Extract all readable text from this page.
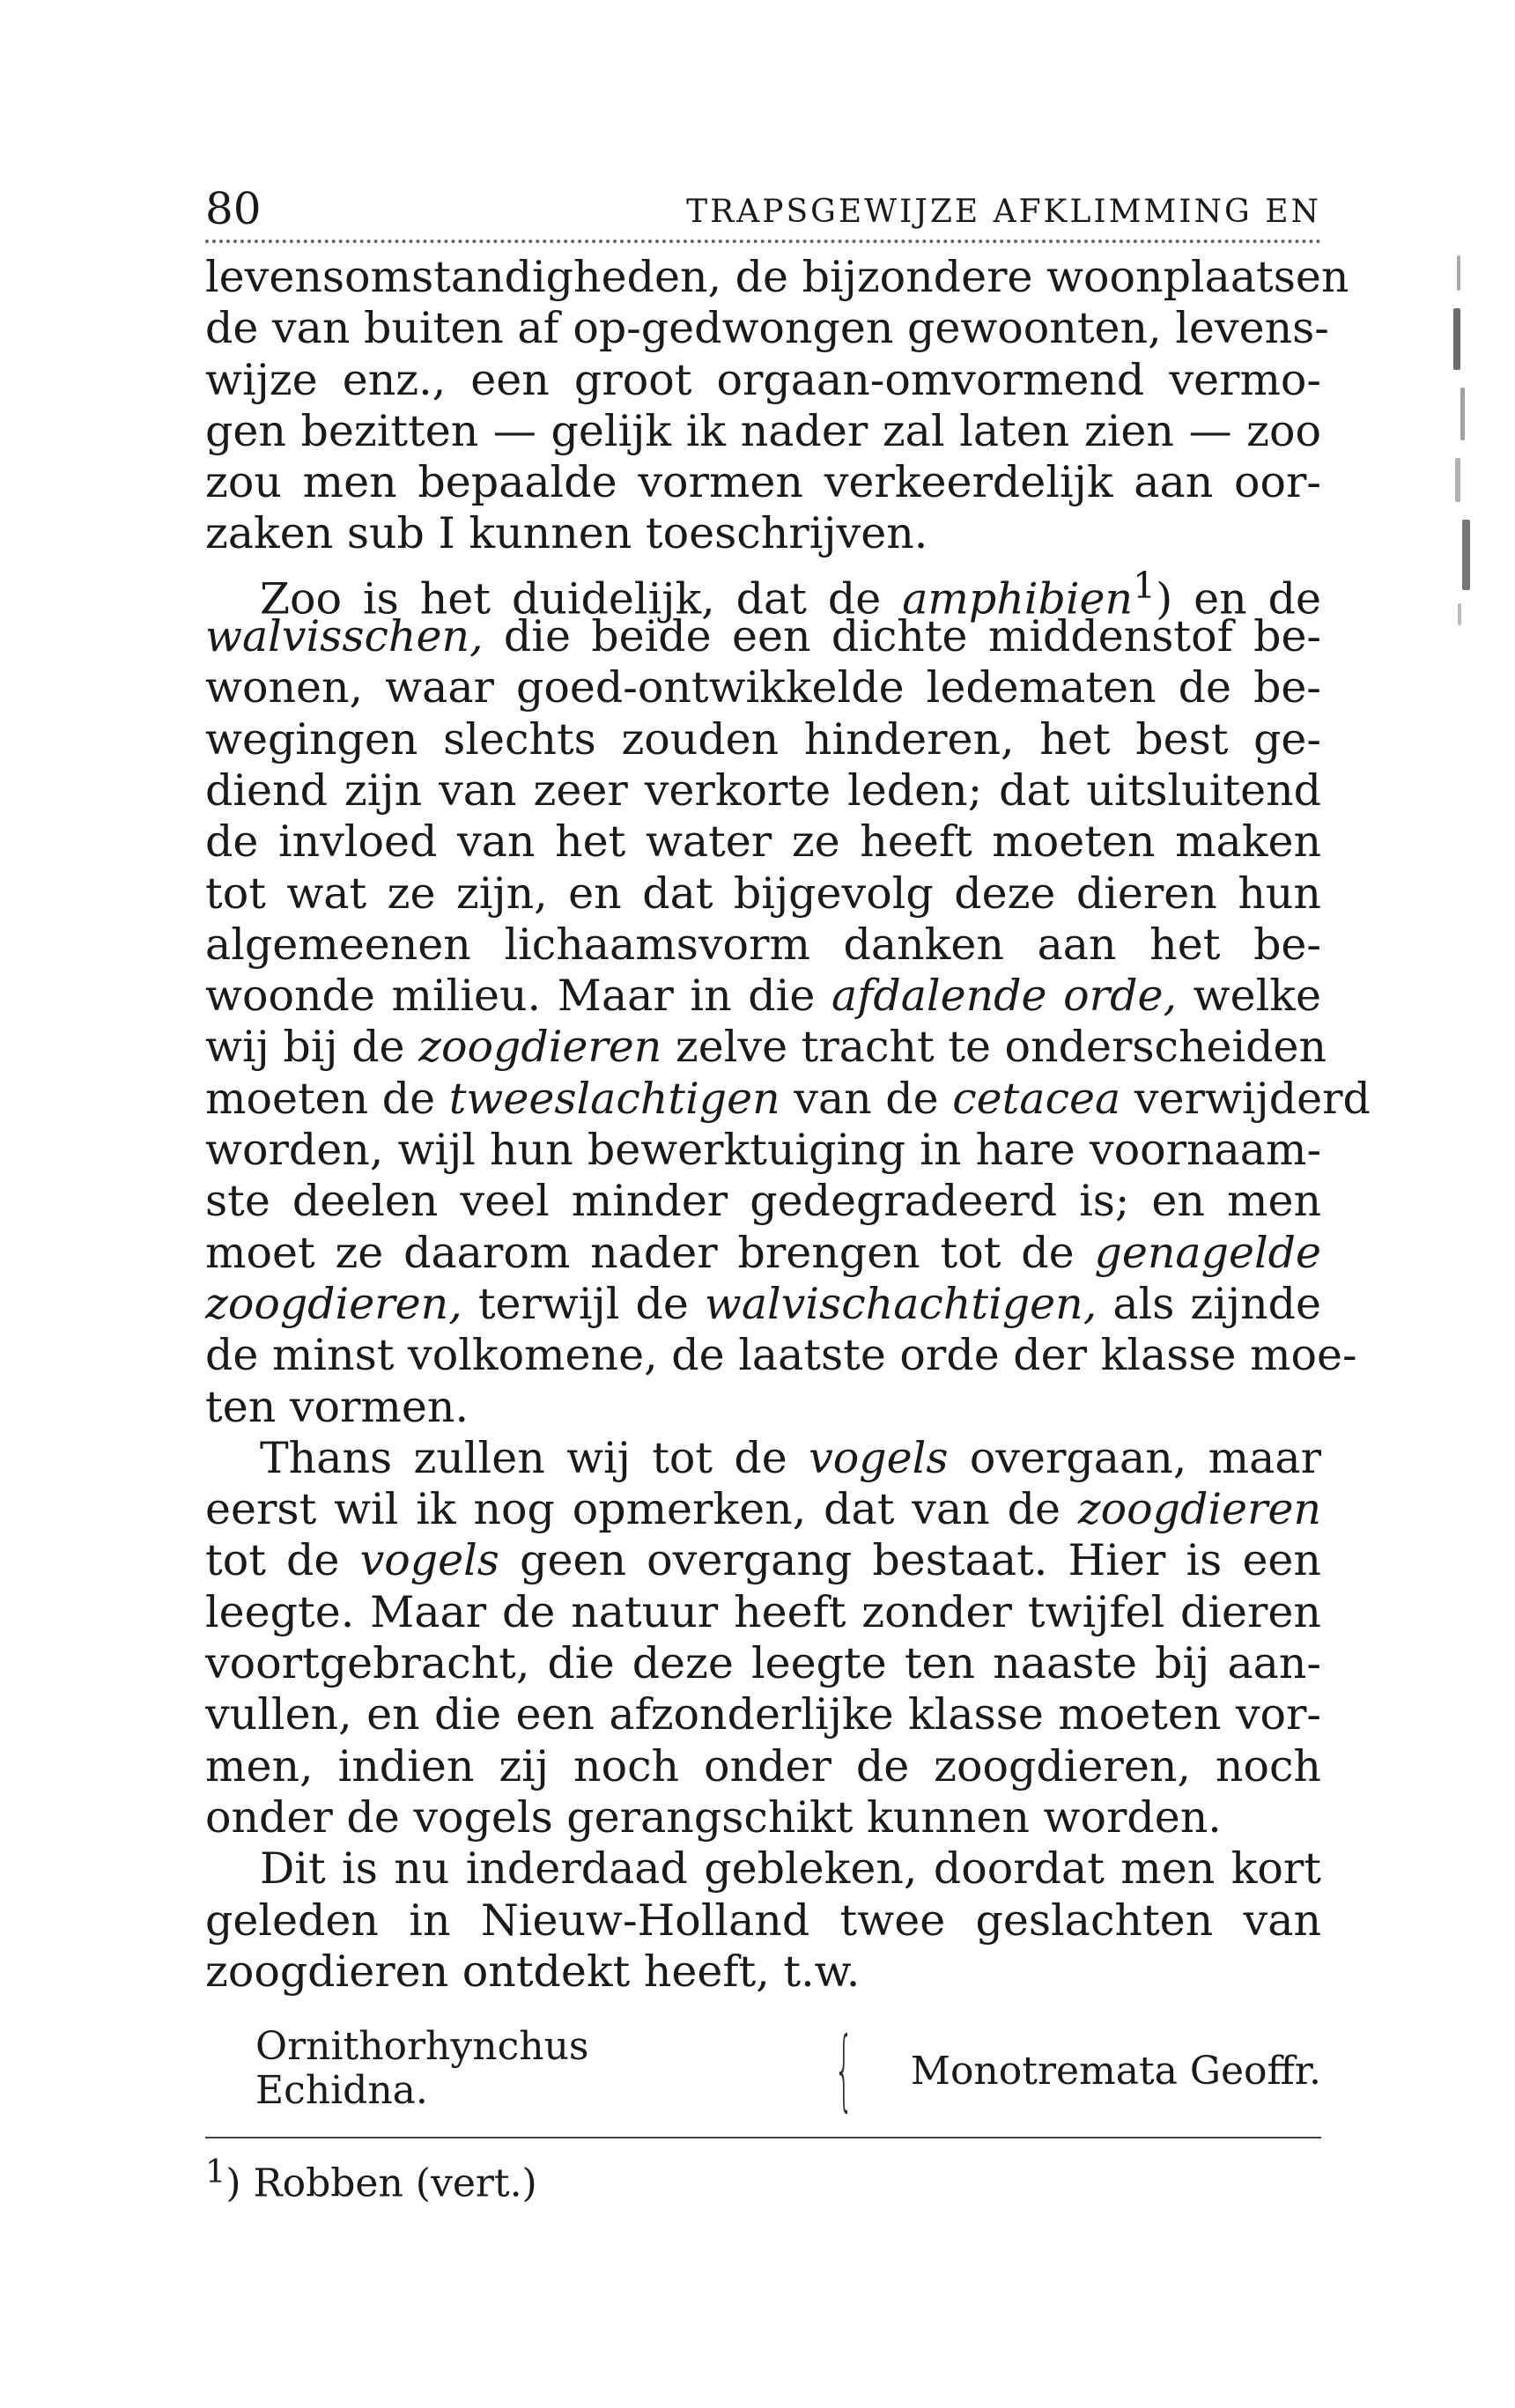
80	TRAPSGEWIJZE AFKLIMMING EN
levensomstandigheden, de bijzondere woonplaatsen
de van buiten af op-gedwongen gewoonten, levens-
wijze enz., een groot orgaan-omvormend vermo-
gen bezitten — gelijk ik nader zal laten zien — zoo
zou men bepaalde vormen verkeerdelijk aan oor-
zaken sub I kunnen toeschrijven.
Zoo is het duidelijk, dat de amphibien$^1$) en de
walvisschen, die beide een dichte middenstof be-
wonen, waar goed-ontwikkelde ledematen de be-
wegingen slechts zouden hinderen, het best ge-
diend zijn van zeer verkorte leden; dat uitsluitend
de invloed van het water ze heeft moeten maken
tot wat ze zijn, en dat bijgevolg deze dieren hun
algemeenen lichaamsvorm danken aan het be-
woonde milieu. Maar in die afdalende orde, welke
wij bij de zoogdieren zelve tracht te onderscheiden
moeten de tweeslachtigen van de cetacea verwijderd
worden, wijl hun bewerktuiging in hare voornaam-
ste deelen veel minder gedegradeerd is; en men
moet ze daarom nader brengen tot de genagelde
zoogdieren, terwijl de walvischachtigen, als zijnde
de minst volkomene, de laatste orde der klasse moe-
ten vormen.
Thans zullen wij tot de vogels overgaan, maar
eerst wil ik nog opmerken, dat van de zoogdieren
tot de vogels geen overgang bestaat. Hier is een
leegte. Maar de natuur heeft zonder twijfel dieren
voortgebracht, die deze leegte ten naaste bij aan-
vullen, en die een afzonderlijke klasse moeten vor-
men, indien zij noch onder de zoogdieren, noch
onder de vogels gerangschikt kunnen worden.
Dit is nu inderdaad gebleken, doordat men kort
geleden in Nieuw-Holland twee geslachten van
zoogdieren ontdekt heeft, t.w.
Ornithorhynchus
Echidna.	{ Monotremata Geoffr.
$^1$) Robben (vert.)
